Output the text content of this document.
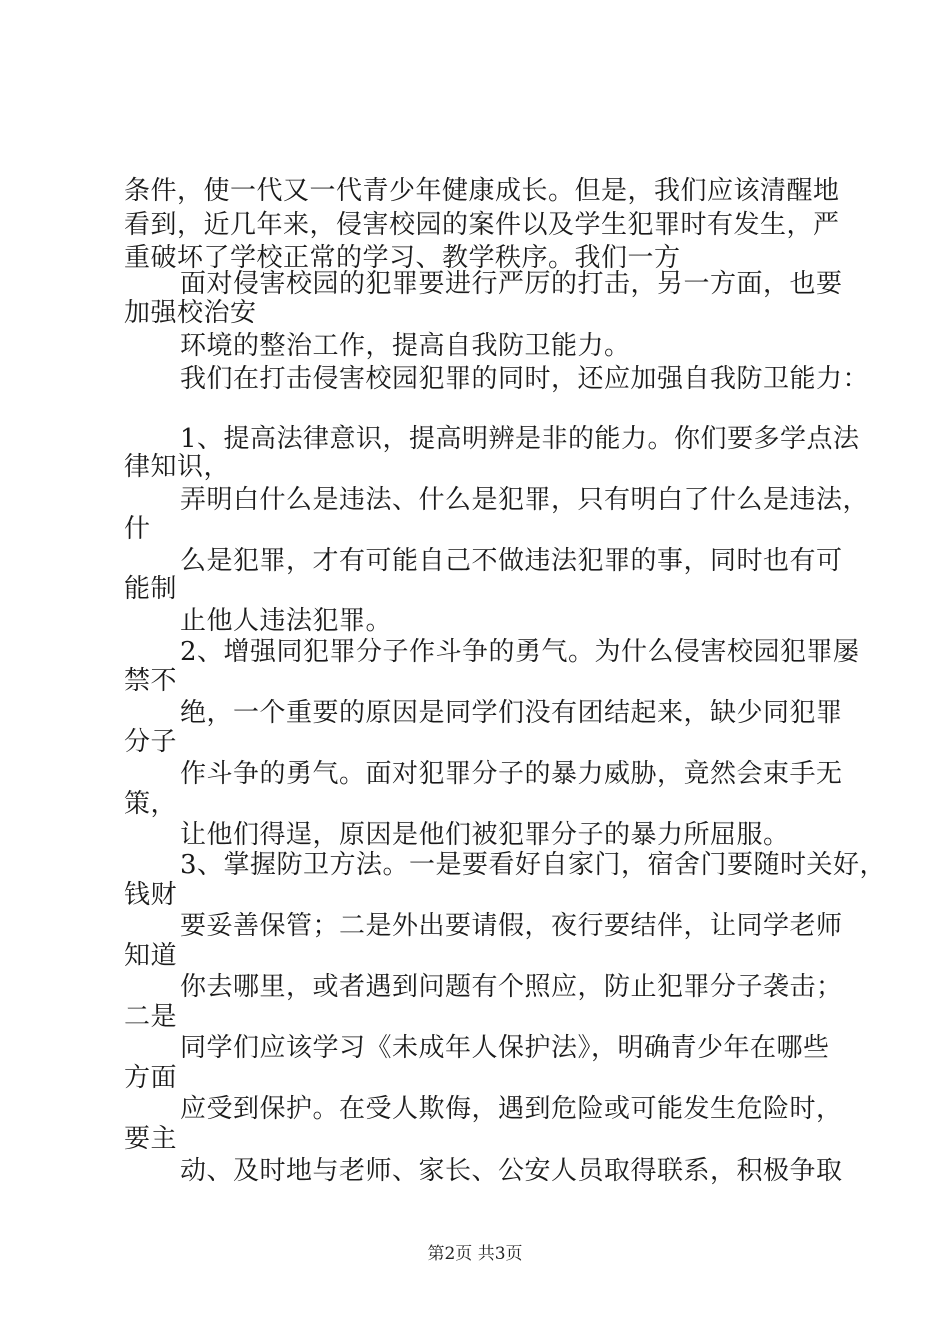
条件，使一代又一代青少年健康成长。但是，我们应该清醒地
看到，近几年来，侵害校园的案件以及学生犯罪时有发生，严
重破坏了学校正常的学习、教学秩序。我们一方
面对侵害校园的犯罪要进行严厉的打击，另一方面，也要
加强校治安
环境的整治工作，提高自我防卫能力。
我们在打击侵害校园犯罪的同时，还应加强自我防卫能力：
1、提高法律意识，提高明辨是非的能力。你们要多学点法
律知识，
弄明白什么是违法、什么是犯罪，只有明白了什么是违法，
什
么是犯罪，才有可能自己不做违法犯罪的事，同时也有可
能制
止他人违法犯罪。
2、增强同犯罪分子作斗争的勇气。为什么侵害校园犯罪屡
禁不
绝，一个重要的原因是同学们没有团结起来，缺少同犯罪
分子
作斗争的勇气。面对犯罪分子的暴力威胁，竟然会束手无
策，
让他们得逞，原因是他们被犯罪分子的暴力所屈服。
3、掌握防卫方法。一是要看好自家门，宿舍门要随时关好，
钱财
要妥善保管；二是外出要请假，夜行要结伴，让同学老师
知道
你去哪里，或者遇到问题有个照应，防止犯罪分子袭击；
二是
同学们应该学习《未成年人保护法》，明确青少年在哪些
方面
应受到保护。在受人欺侮，遇到危险或可能发生危险时，
要主
动、及时地与老师、家长、公安人员取得联系，积极争取
第2页 共3页
